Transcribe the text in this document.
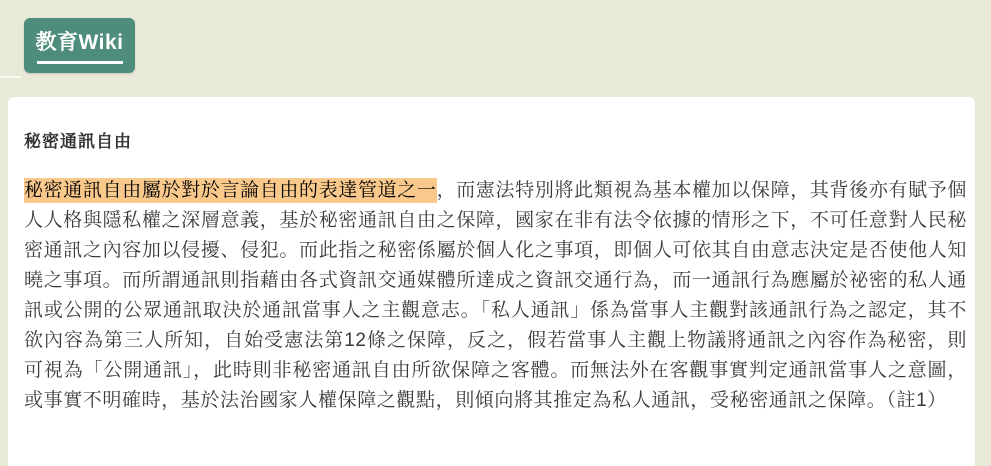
教育Wiki
秘密通訊自由

秘密通訊自由屬於對於言論自由的表達管道之一，而憲法特別將此類視為基本權加以保障，其背後亦有賦予個人人格與隱私權之深層意義，基於秘密通訊自由之保障，國家在非有法令依據的情形之下，不可任意對人民秘密通訊之內容加以侵擾、侵犯。而此指之秘密係屬於個人化之事項，即個人可依其自由意志決定是否使他人知曉之事項。而所謂通訊則指藉由各式資訊交通媒體所達成之資訊交通行為，而一通訊行為應屬於祕密的私人通訊或公開的公眾通訊取決於通訊當事人之主觀意志。「私人通訊」係為當事人主觀對該通訊行為之認定，其不欲內容為第三人所知，自始受憲法第12條之保障，反之，假若當事人主觀上物議將通訊之內容作為秘密，則可視為「公開通訊」，此時則非秘密通訊自由所欲保障之客體。而無法外在客觀事實判定通訊當事人之意圖，或事實不明確時，基於法治國家人權保障之觀點，則傾向將其推定為私人通訊，受秘密通訊之保障。（註1）
